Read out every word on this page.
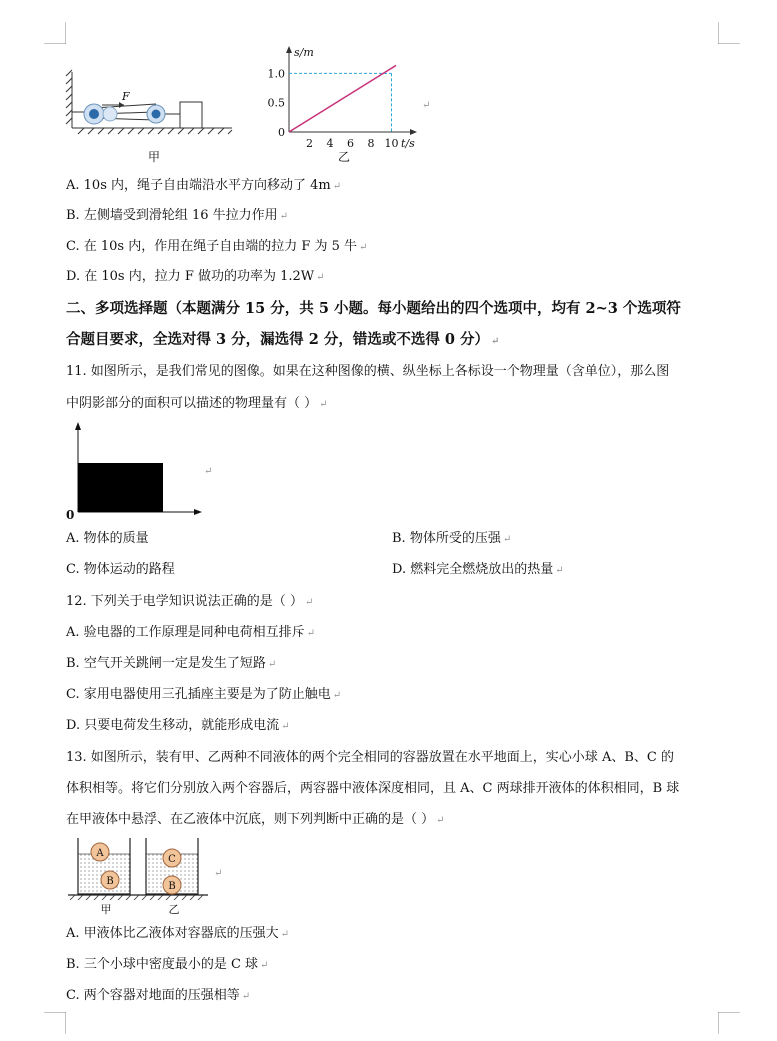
F
甲
s/m
t/s
2 4 6 8 10
1.0
0.5
0
乙
↵
A. 10s 内，绳子自由端沿水平方向移动了 4m ↵
B. 左侧墙受到滑轮组 16 牛拉力作用 ↵
C. 在 10s 内，作用在绳子自由端的拉力 F 为 5 牛 ↵
D. 在 10s 内，拉力 F 做功的功率为 1.2W ↵
二、多项选择题（本题满分 15 分，共 5 小题。每小题给出的四个选项中，均有 2~3 个选项符
合题目要求，全选对得 3 分，漏选得 2 分，错选或不选得 0 分） ↵
11. 如图所示，是我们常见的图像。如果在这种图像的横、纵坐标上各标设一个物理量（含单位），那么图
中阴影部分的面积可以描述的物理量有（ ） ↵
0
↵
A. 物体的质量	B. 物体所受的压强 ↵
C. 物体运动的路程	D. 燃料完全燃烧放出的热量 ↵
12. 下列关于电学知识说法正确的是（ ） ↵
A. 验电器的工作原理是同种电荷相互排斥 ↵
B. 空气开关跳闸一定是发生了短路 ↵
C. 家用电器使用三孔插座主要是为了防止触电 ↵
D. 只要电荷发生移动，就能形成电流 ↵
13. 如图所示，装有甲、乙两种不同液体的两个完全相同的容器放置在水平地面上，实心小球 A、B、C 的
体积相等。将它们分别放入两个容器后，两容器中液体深度相同，且 A、C 两球排开液体的体积相同，B 球
在甲液体中悬浮、在乙液体中沉底，则下列判断中正确的是（ ） ↵
A
B
C
B
甲	乙
↵
A. 甲液体比乙液体对容器底的压强大 ↵
B. 三个小球中密度最小的是 C 球 ↵
C. 两个容器对地面的压强相等 ↵
